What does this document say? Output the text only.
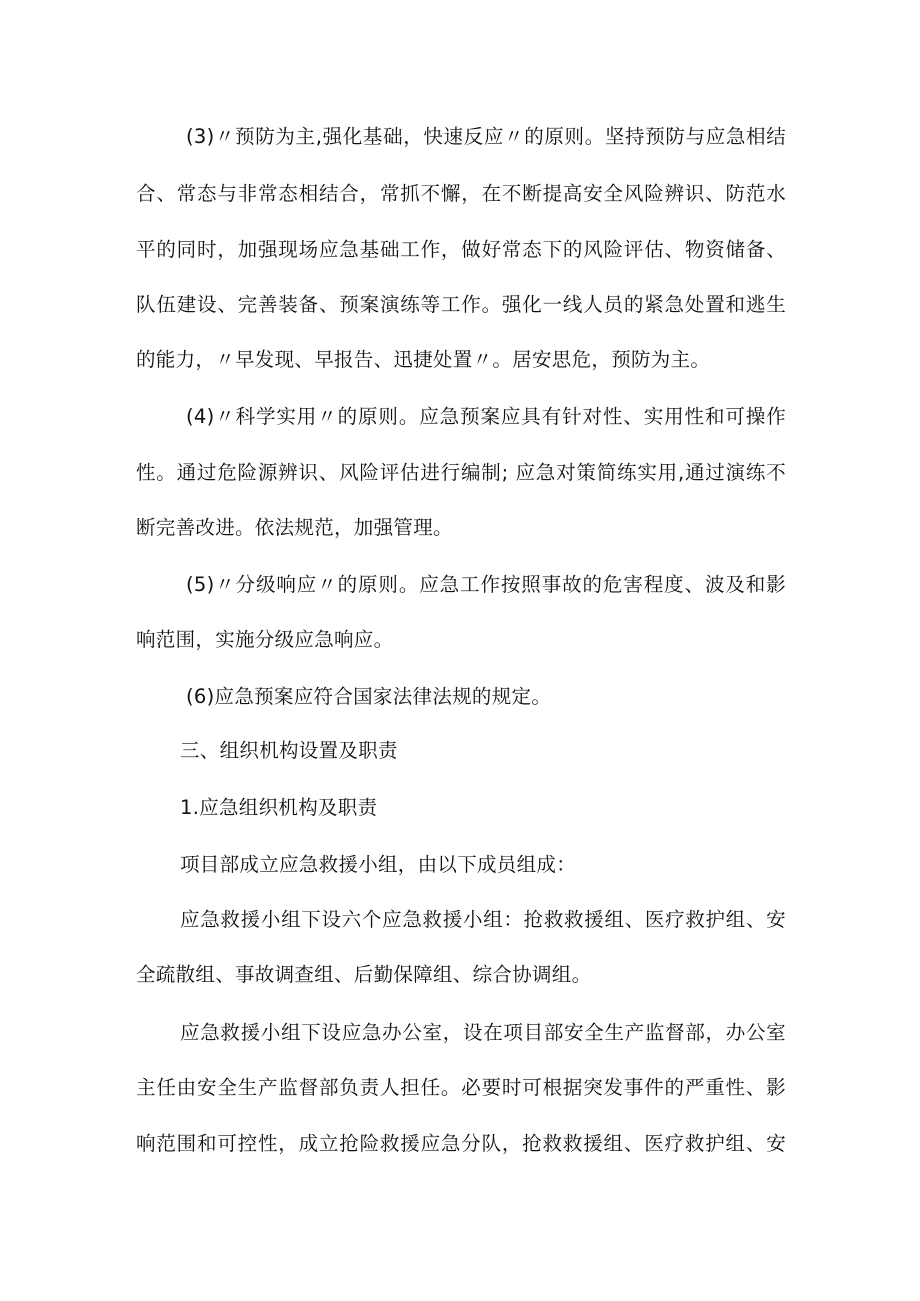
(3)〃预防为主,强化基础，快速反应〃的原则。坚持预防与应急相结
合、常态与非常态相结合，常抓不懈，在不断提高安全风险辨识、防范水
平的同时，加强现场应急基础工作，做好常态下的风险评估、物资储备、
队伍建设、完善装备、预案演练等工作。强化一线人员的紧急处置和逃生
的能力，〃早发现、早报告、迅捷处置〃。居安思危，预防为主。
(4)〃科学实用〃的原则。应急预案应具有针对性、实用性和可操作
性。通过危险源辨识、风险评估进行编制; 应急对策简练实用,通过演练不
断完善改进。依法规范，加强管理。
(5)〃分级响应〃的原则。应急工作按照事故的危害程度、波及和影
响范围，实施分级应急响应。
(6)应急预案应符合国家法律法规的规定。
三、组织机构设置及职责
1.应急组织机构及职责
项目部成立应急救援小组，由以下成员组成：
应急救援小组下设六个应急救援小组：抢救救援组、医疗救护组、安
全疏散组、事故调查组、后勤保障组、综合协调组。
应急救援小组下设应急办公室，设在项目部安全生产监督部，办公室
主任由安全生产监督部负责人担任。必要时可根据突发事件的严重性、影
响范围和可控性，成立抢险救援应急分队，抢救救援组、医疗救护组、安
